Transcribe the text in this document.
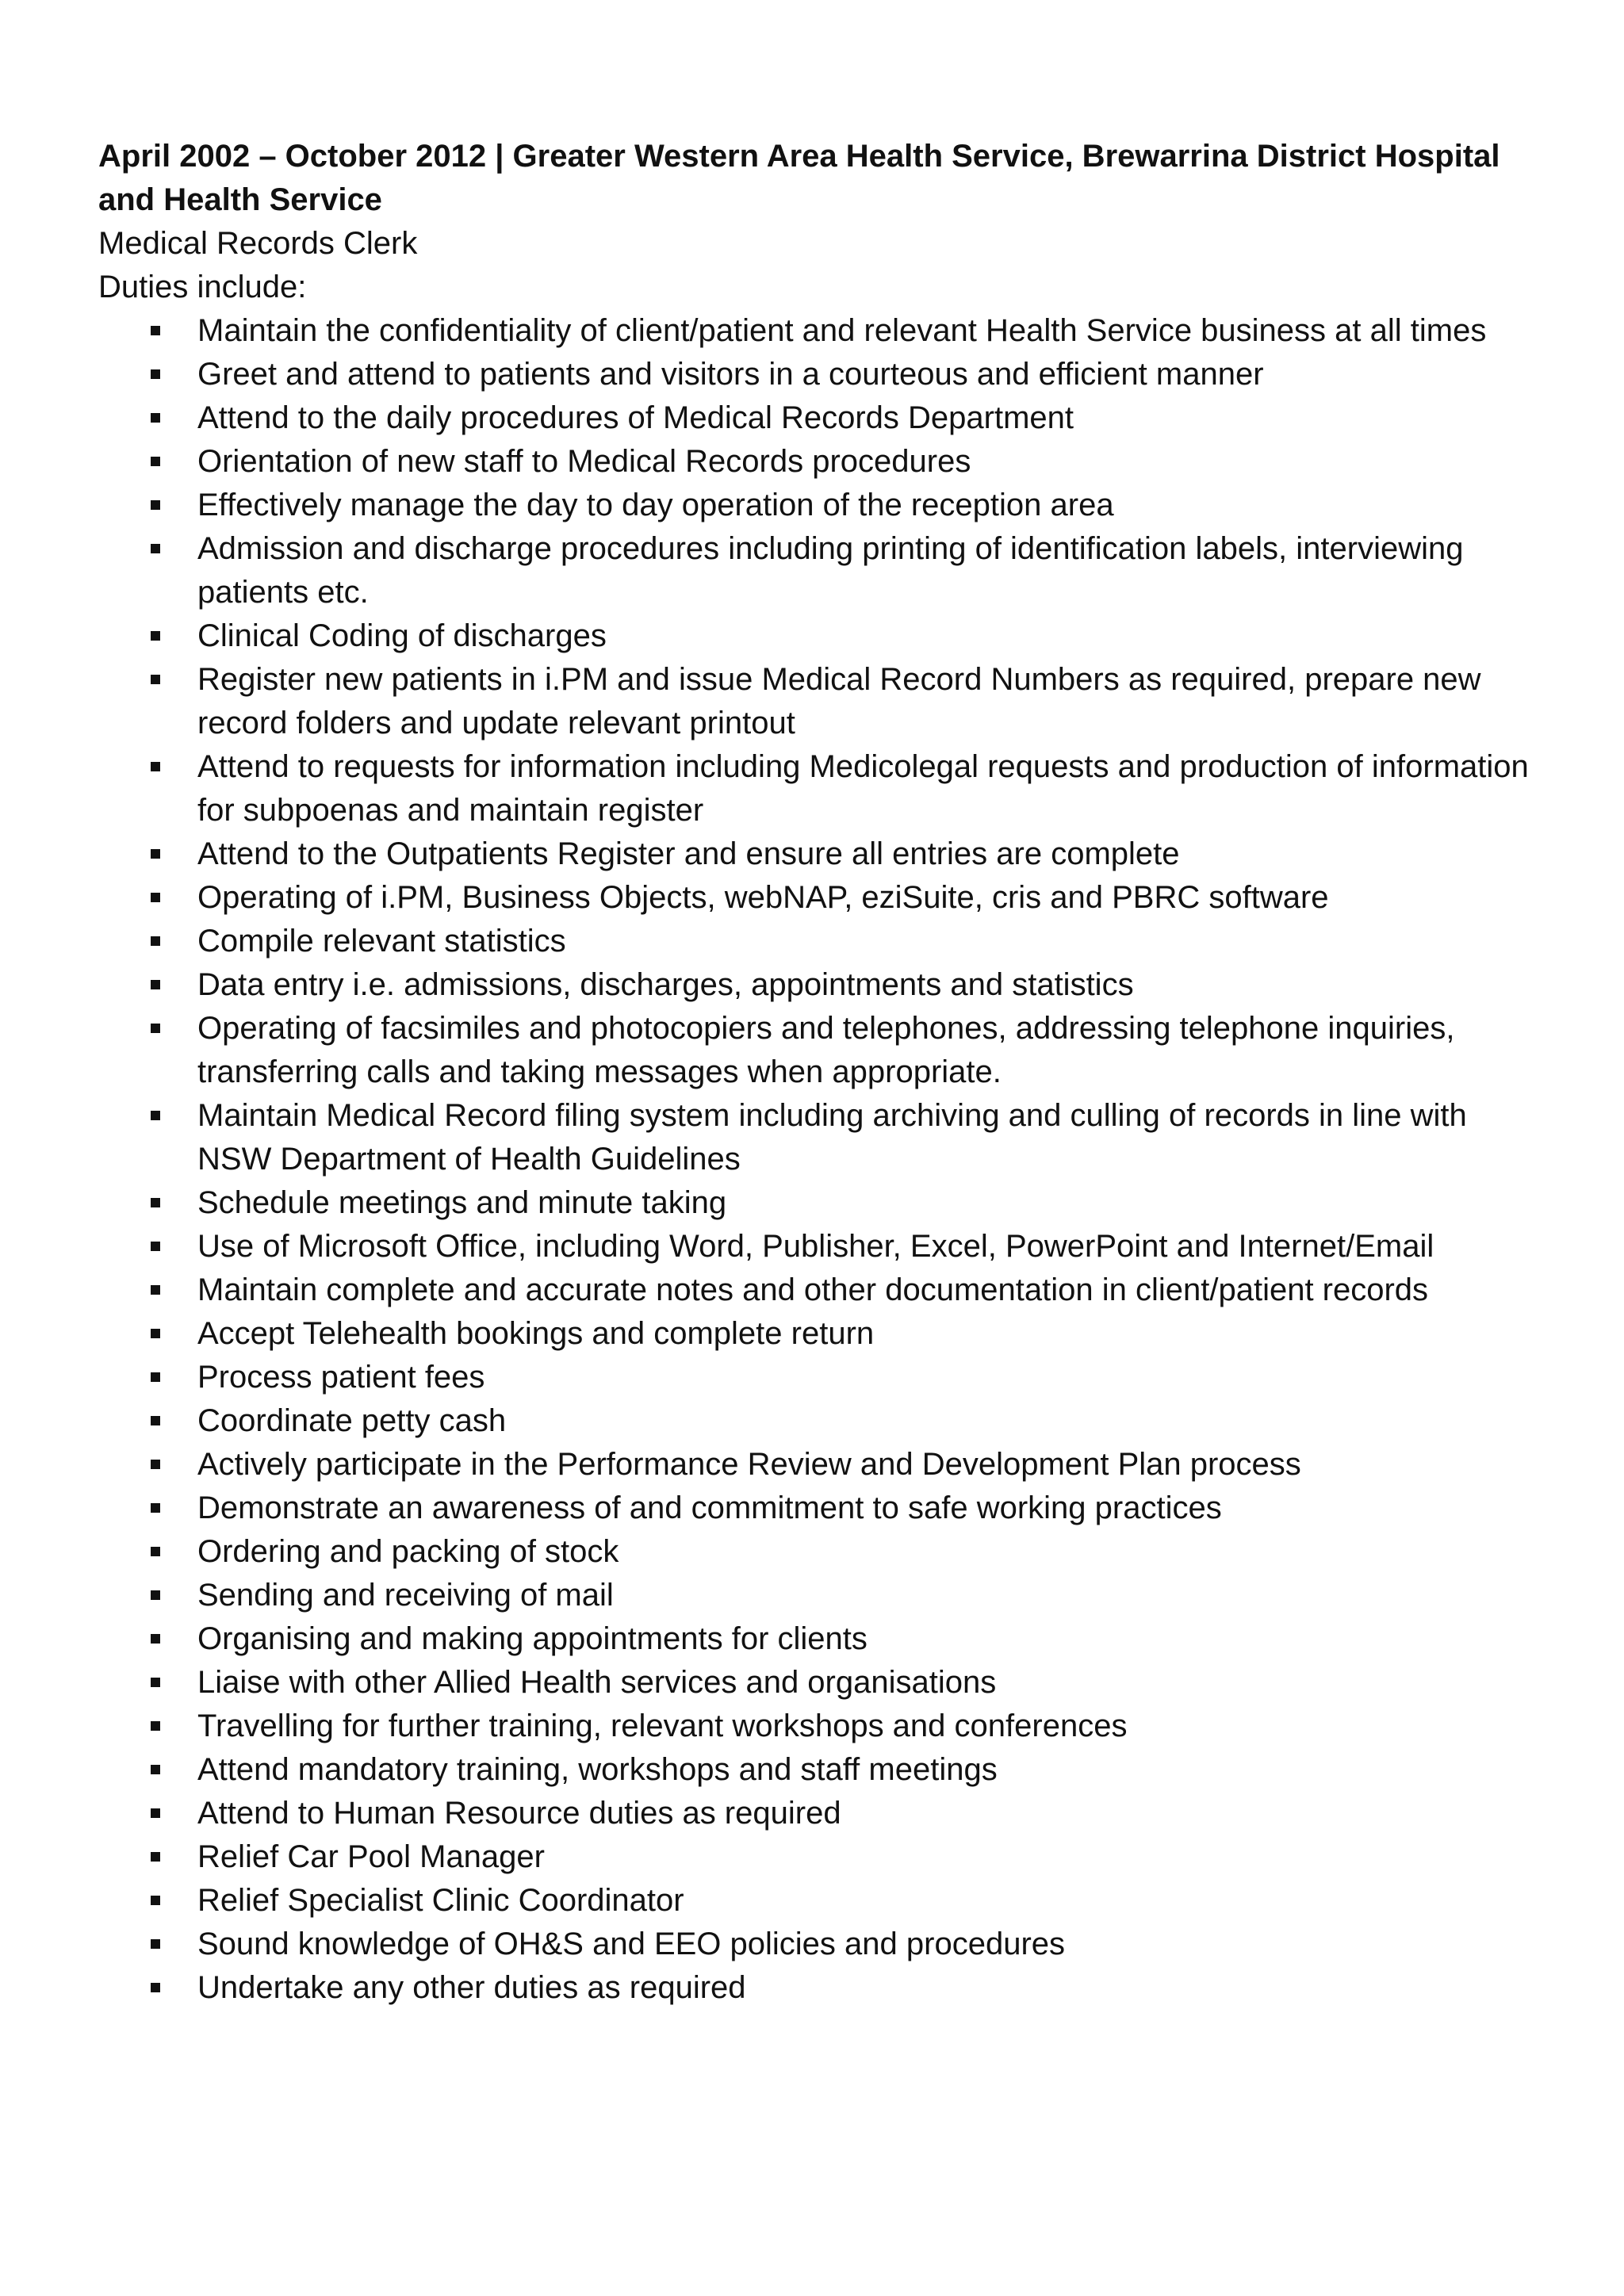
April 2002 – October 2012 | Greater Western Area Health Service, Brewarrina District Hospital and Health Service

Medical Records Clerk

Duties include:

Maintain the confidentiality of client/patient and relevant Health Service business at all times
Greet and attend to patients and visitors in a courteous and efficient manner
Attend to the daily procedures of Medical Records Department
Orientation of new staff to Medical Records procedures
Effectively manage the day to day operation of the reception area
Admission and discharge procedures including printing of identification labels, interviewing patients etc.
Clinical Coding of discharges
Register new patients in i.PM and issue Medical Record Numbers as required, prepare new record folders and update relevant printout
Attend to requests for information including Medicolegal requests and production of information for subpoenas and maintain register
Attend to the Outpatients Register and ensure all entries are complete
Operating of i.PM, Business Objects, webNAP, eziSuite, cris and PBRC software
Compile relevant statistics
Data entry i.e. admissions, discharges, appointments and statistics
Operating of facsimiles and photocopiers and telephones, addressing telephone inquiries, transferring calls and taking messages when appropriate.
Maintain Medical Record filing system including archiving and culling of records in line with NSW Department of Health Guidelines
Schedule meetings and minute taking
Use of Microsoft Office, including Word, Publisher, Excel, PowerPoint and Internet/Email
Maintain complete and accurate notes and other documentation in client/patient records
Accept Telehealth bookings and complete return
Process patient fees
Coordinate petty cash
Actively participate in the Performance Review and Development Plan process
Demonstrate an awareness of and commitment to safe working practices
Ordering and packing of stock
Sending and receiving of mail
Organising and making appointments for clients
Liaise with other Allied Health services and organisations
Travelling for further training, relevant workshops and conferences
Attend mandatory training, workshops and staff meetings
Attend to Human Resource duties as required
Relief Car Pool Manager
Relief Specialist Clinic Coordinator
Sound knowledge of OH&S and EEO policies and procedures
Undertake any other duties as required
